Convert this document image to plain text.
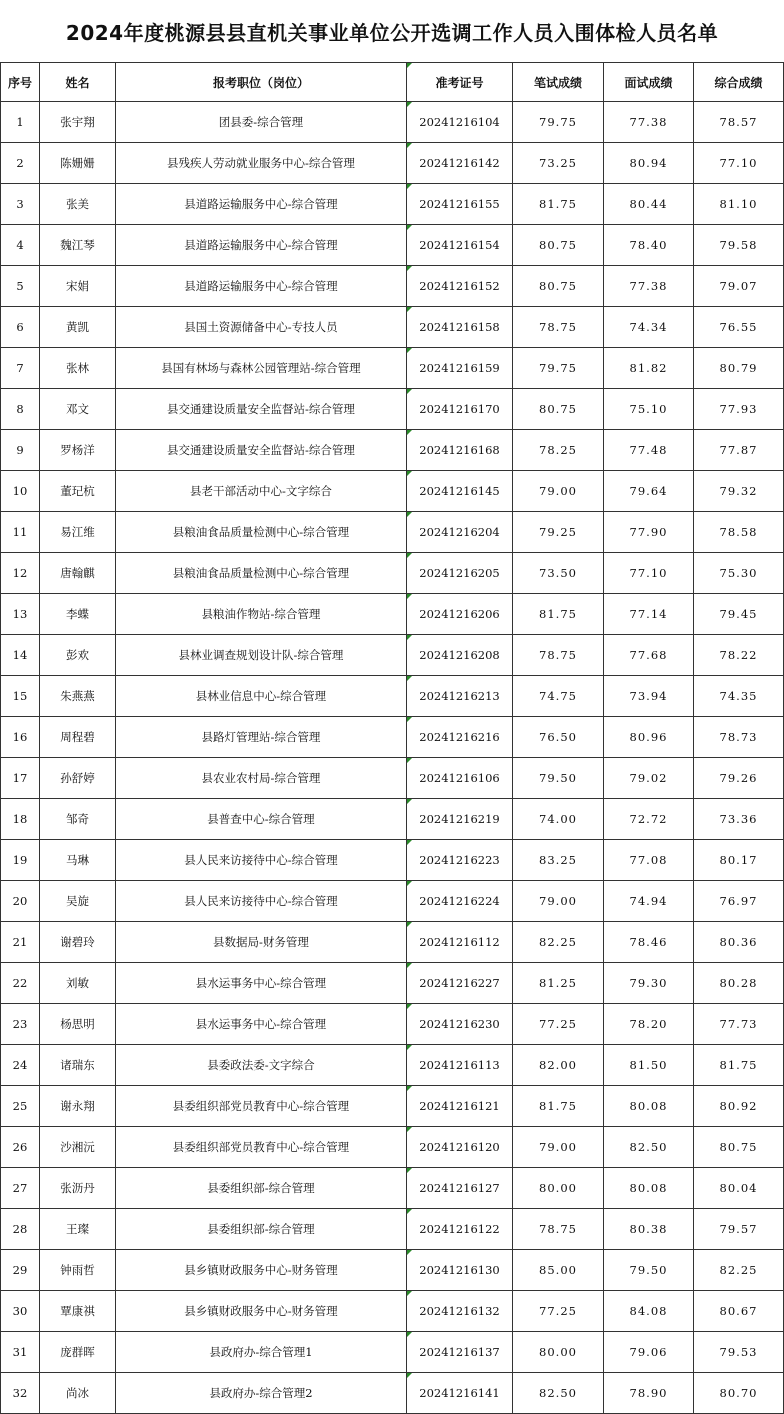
2024年度桃源县县直机关事业单位公开选调工作人员入围体检人员名单
序号	姓名	报考职位（岗位）	准考证号	笔试成绩	面试成绩	综合成绩
1	张宇翔	团县委-综合管理	20241216104	79.75	77.38	78.57
2	陈姗姗	县残疾人劳动就业服务中心-综合管理	20241216142	73.25	80.94	77.10
3	张美	县道路运输服务中心-综合管理	20241216155	81.75	80.44	81.10
4	魏江琴	县道路运输服务中心-综合管理	20241216154	80.75	78.40	79.58
5	宋娟	县道路运输服务中心-综合管理	20241216152	80.75	77.38	79.07
6	黄凯	县国土资源储备中心-专技人员	20241216158	78.75	74.34	76.55
7	张林	县国有林场与森林公园管理站-综合管理	20241216159	79.75	81.82	80.79
8	邓文	县交通建设质量安全监督站-综合管理	20241216170	80.75	75.10	77.93
9	罗杨洋	县交通建设质量安全监督站-综合管理	20241216168	78.25	77.48	77.87
10	董玘杭	县老干部活动中心-文字综合	20241216145	79.00	79.64	79.32
11	易江维	县粮油食品质量检测中心-综合管理	20241216204	79.25	77.90	78.58
12	唐翰麒	县粮油食品质量检测中心-综合管理	20241216205	73.50	77.10	75.30
13	李蝶	县粮油作物站-综合管理	20241216206	81.75	77.14	79.45
14	彭欢	县林业调查规划设计队-综合管理	20241216208	78.75	77.68	78.22
15	朱燕燕	县林业信息中心-综合管理	20241216213	74.75	73.94	74.35
16	周程碧	县路灯管理站-综合管理	20241216216	76.50	80.96	78.73
17	孙舒婷	县农业农村局-综合管理	20241216106	79.50	79.02	79.26
18	邹奇	县普查中心-综合管理	20241216219	74.00	72.72	73.36
19	马琳	县人民来访接待中心-综合管理	20241216223	83.25	77.08	80.17
20	吴旋	县人民来访接待中心-综合管理	20241216224	79.00	74.94	76.97
21	谢碧玲	县数据局-财务管理	20241216112	82.25	78.46	80.36
22	刘敏	县水运事务中心-综合管理	20241216227	81.25	79.30	80.28
23	杨思明	县水运事务中心-综合管理	20241216230	77.25	78.20	77.73
24	诸瑞东	县委政法委-文字综合	20241216113	82.00	81.50	81.75
25	谢永翔	县委组织部党员教育中心-综合管理	20241216121	81.75	80.08	80.92
26	沙湘沅	县委组织部党员教育中心-综合管理	20241216120	79.00	82.50	80.75
27	张沥丹	县委组织部-综合管理	20241216127	80.00	80.08	80.04
28	王璨	县委组织部-综合管理	20241216122	78.75	80.38	79.57
29	钟雨哲	县乡镇财政服务中心-财务管理	20241216130	85.00	79.50	82.25
30	覃康祺	县乡镇财政服务中心-财务管理	20241216132	77.25	84.08	80.67
31	庞群晖	县政府办-综合管理1	20241216137	80.00	79.06	79.53
32	尚冰	县政府办-综合管理2	20241216141	82.50	78.90	80.70
